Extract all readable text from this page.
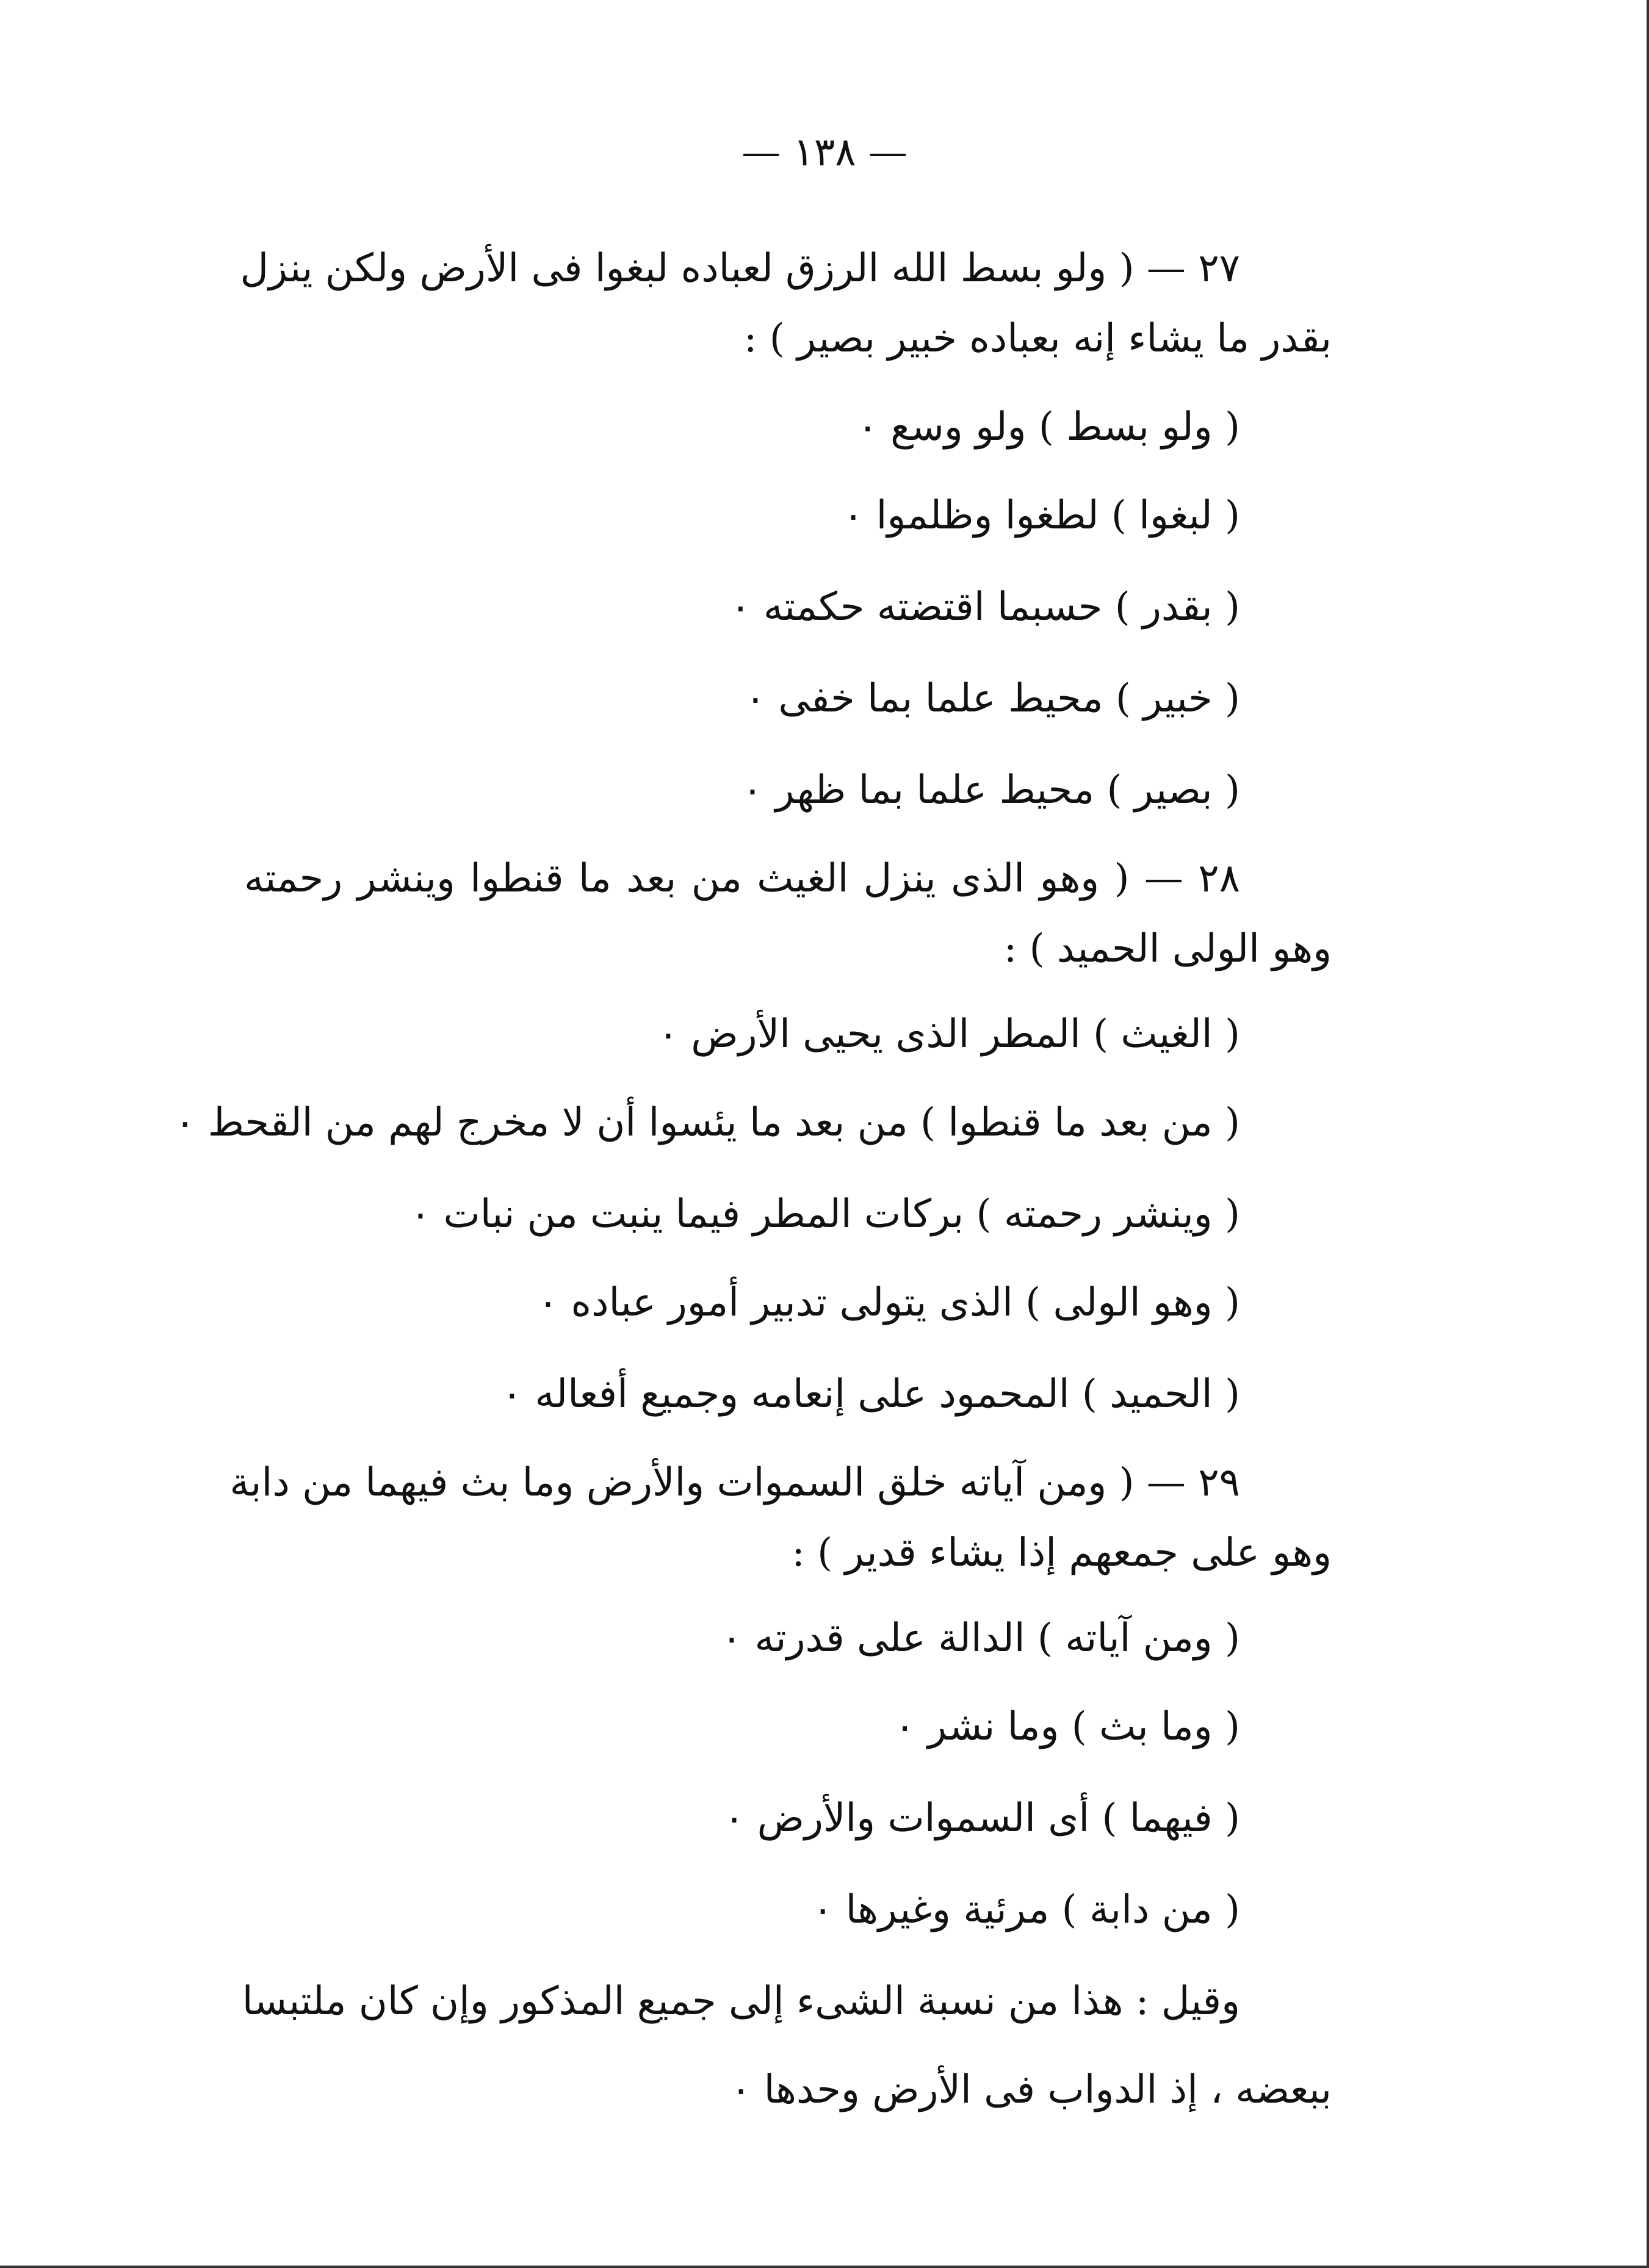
— ١٣٨ —
٢٧ — ( ولو بسط الله الرزق لعباده لبغوا فى الأرض ولكن ينزل
بقدر ما يشاء إنه بعباده خبير بصير ) :
( ولو بسط ) ولو وسع ٠
( لبغوا ) لطغوا وظلموا ٠
( بقدر ) حسبما اقتضته حكمته ٠
( خبير ) محيط علما بما خفى ٠
( بصير ) محيط علما بما ظهر ٠
٢٨ — ( وهو الذى ينزل الغيث من بعد ما قنطوا وينشر رحمته
وهو الولى الحميد ) :
( الغيث ) المطر الذى يحيى الأرض ٠
( من بعد ما قنطوا ) من بعد ما يئسوا أن لا مخرج لهم من القحط ٠
( وينشر رحمته ) بركات المطر فيما ينبت من نبات ٠
( وهو الولى ) الذى يتولى تدبير أمور عباده ٠
( الحميد ) المحمود على إنعامه وجميع أفعاله ٠
٢٩ — ( ومن آياته خلق السموات والأرض وما بث فيهما من دابة
وهو على جمعهم إذا يشاء قدير ) :
( ومن آياته ) الدالة على قدرته ٠
( وما بث ) وما نشر ٠
( فيهما ) أى السموات والأرض ٠
( من دابة ) مرئية وغيرها ٠
وقيل : هذا من نسبة الشىء إلى جميع المذكور وإن كان ملتبسا
ببعضه ، إذ الدواب فى الأرض وحدها ٠
